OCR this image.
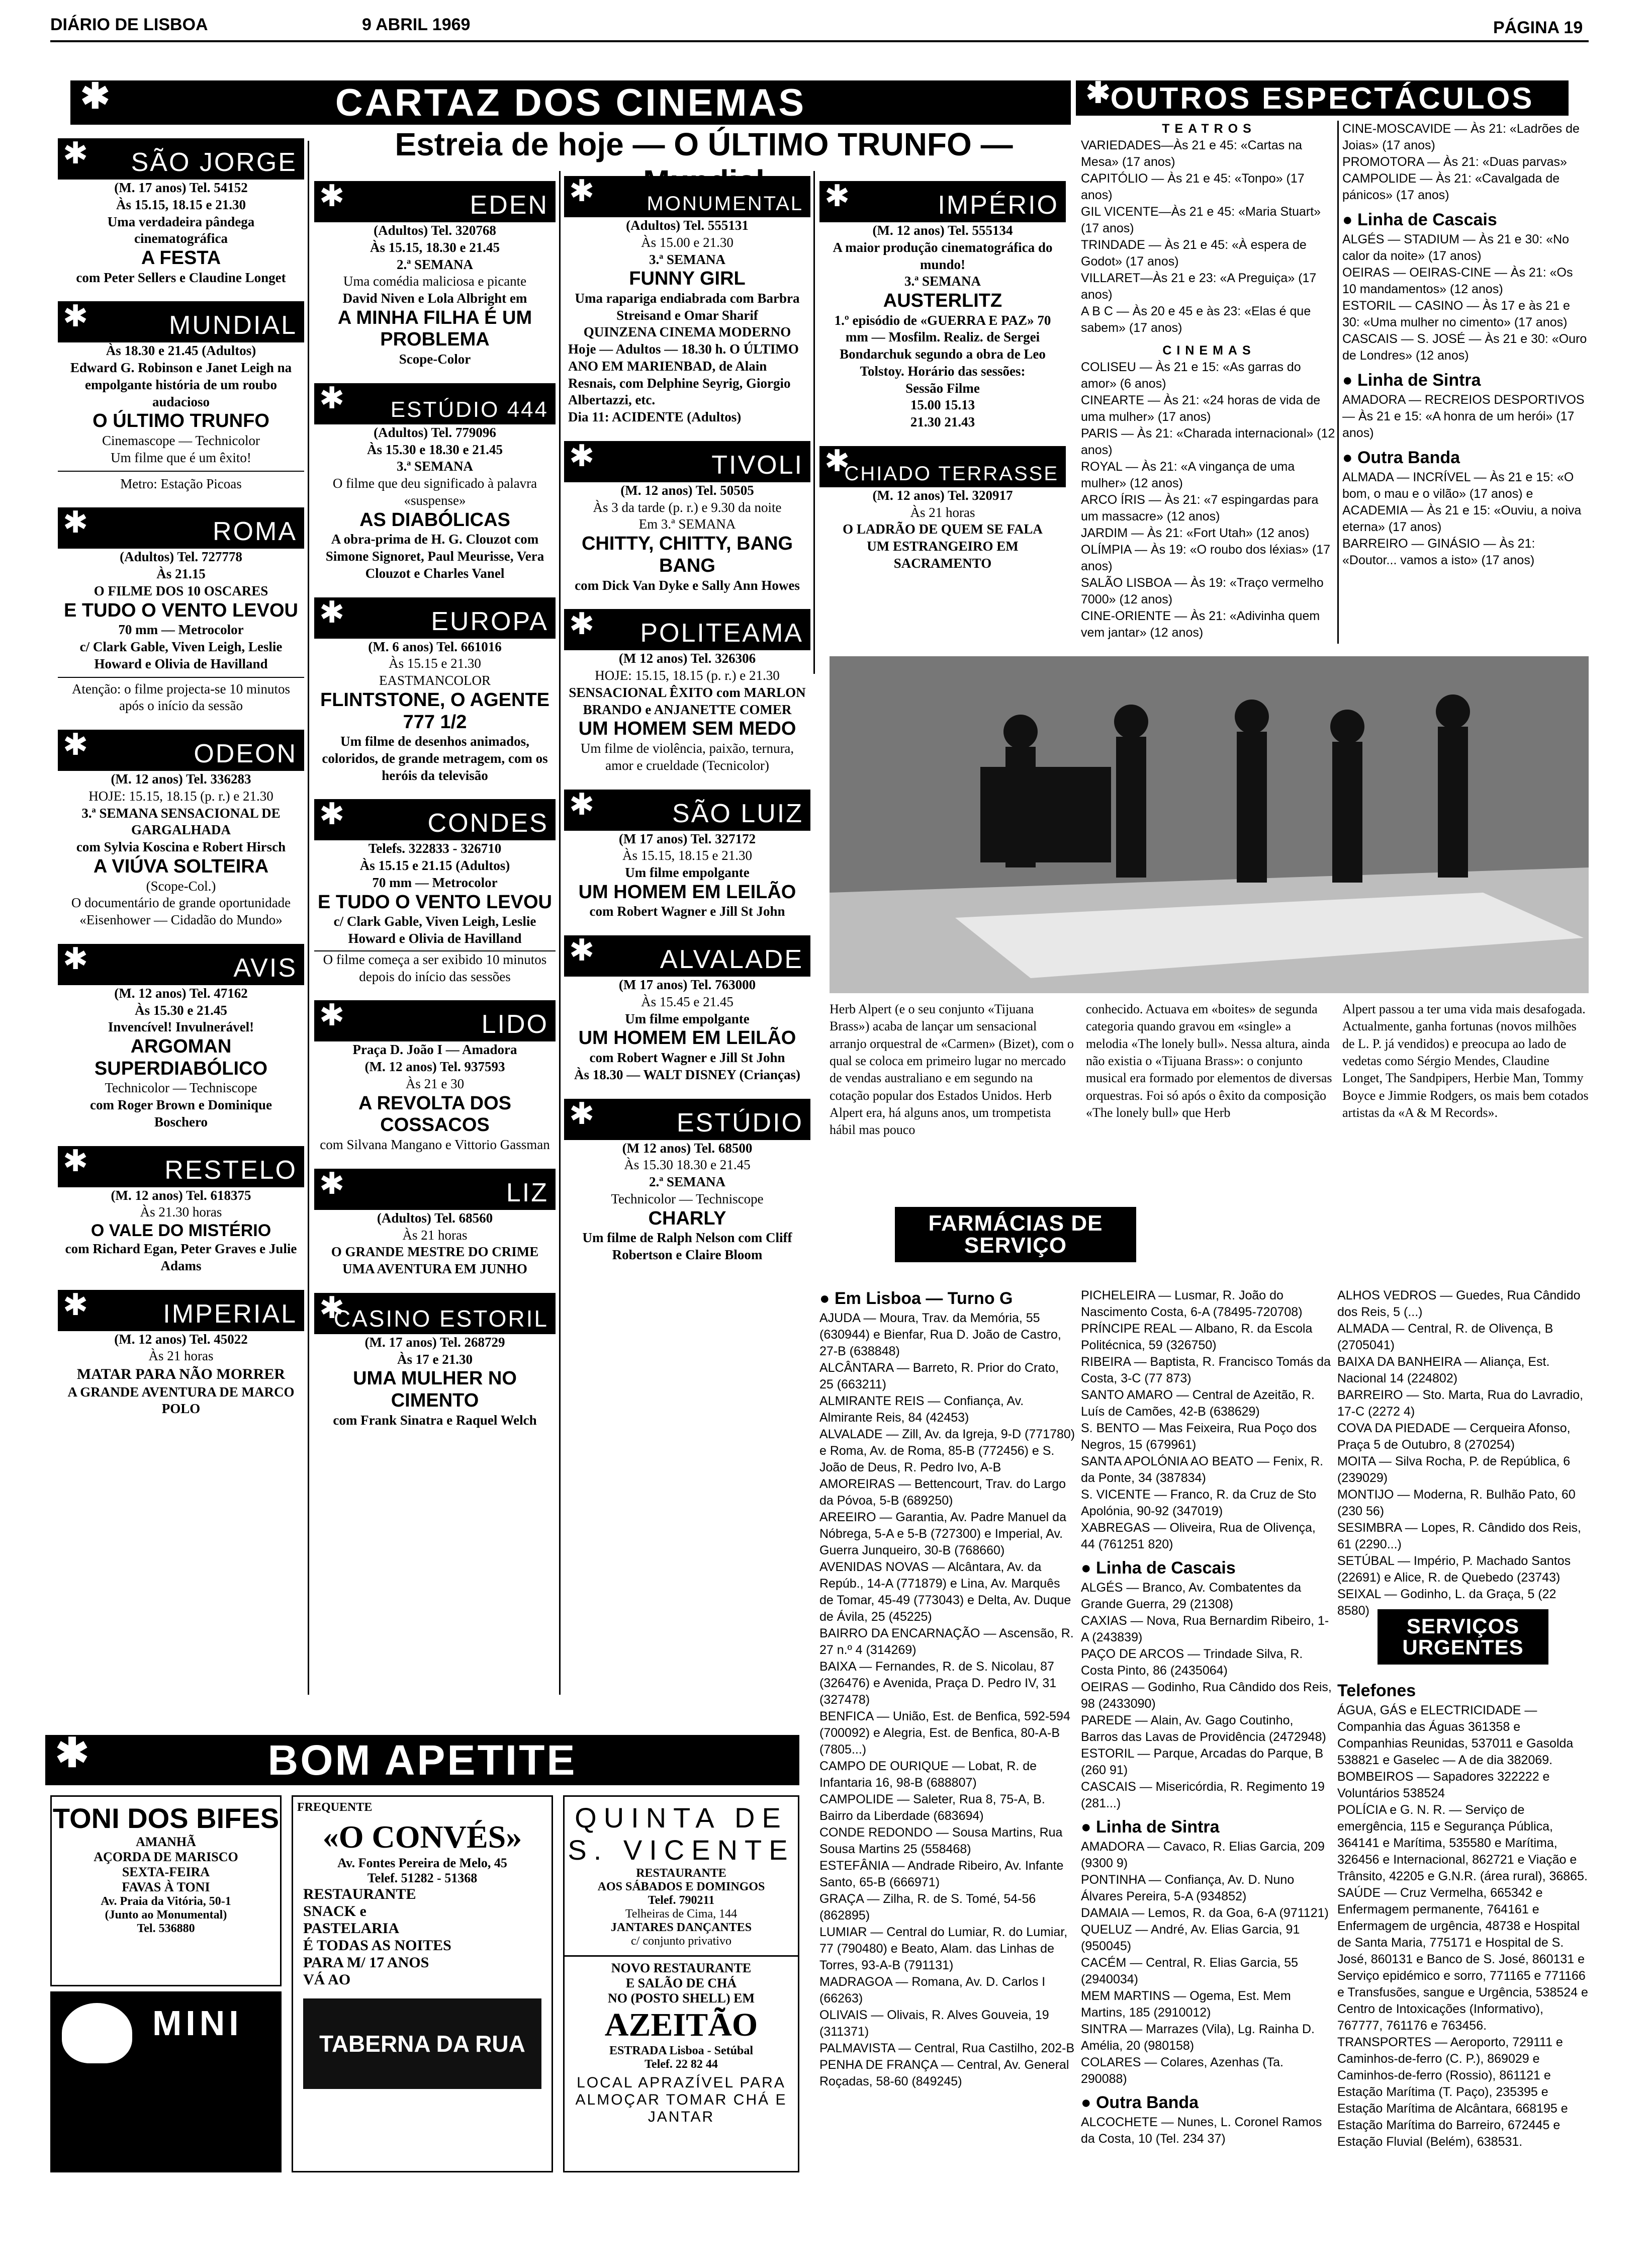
DIÁRIO DE LISBOA	9 ABRIL 1969	PÁGINA 19
✱	CARTAZ DOS CINEMAS	✱
OUTROS ESPECTÁCULOS
Estreia de hoje — O ÚLTIMO TRUNFO —
✱ SÃO JORGE
(M. 17 anos) Tel. 54152
Às 15.15, 18.15 e 21.30
Uma verdadeira pândega cinematográfica
A FESTA
com Peter Sellers e Claudine Longet
✱	MUNDIAL
Às 18.30 e 21.45 (Adultos)
Edward G. Robinson e Janet Leigh na empolgante história de um roubo audacioso
O ÚLTIMO TRUNFO
Cinemascope — Technicolor
Um filme que é um êxito!
Metro: Estação Picoas
✱	ROMA
(Adultos) Tel. 727778
Às 21.15
O FILME DOS 10 OSCARES
E TUDO O VENTO LEVOU
70 mm — Metrocolor
c/ Clark Gable, Viven Leigh, Leslie Howard e Olivia de Havilland
Atenção: o filme projecta-se 10 minutos após o início da sessão
✱	ODEON
(M. 12 anos) Tel. 336283
HOJE: 15.15, 18.15 (p. r.) e 21.30
3.ª SEMANA SENSACIONAL DE GARGALHADA
com Sylvia Koscina e Robert Hirsch
A VIÚVA SOLTEIRA
(Scope-Col.)
O documentário de grande oportunidade «Eisenhower — Cidadão do Mundo»
✱	AVIS
(M. 12 anos) Tel. 47162
Às 15.30 e 21.45
Invencível! Invulnerável!
ARGOMAN SUPERDIABÓLICO
Technicolor — Techniscope
com Roger Brown e Dominique Boschero
✱	RESTELO
(M. 12 anos) Tel. 618375
Às 21.30 horas
O VALE DO MISTÉRIO
com Richard Egan, Peter Graves e Julie Adams
✱	IMPERIAL
(M. 12 anos) Tel. 45022
Às 21 horas
MATAR PARA NÃO MORRER
A GRANDE AVENTURA DE MARCO POLO
✱	EDEN
(Adultos) Tel. 320768
Às 15.15, 18.30 e 21.45
2.ª SEMANA
Uma comédia maliciosa e picante
David Niven e Lola Albright em
A MINHA FILHA É UM PROBLEMA
Scope-Color
✱ ESTÚDIO 444
(Adultos) Tel. 779096
Às 15.30 e 18.30 e 21.45
3.ª SEMANA
O filme que deu significado à palavra «suspense»
AS DIABÓLICAS
A obra-prima de H. G. Clouzot com Simone Signoret, Paul Meurisse, Vera Clouzot e Charles Vanel
✱	EUROPA
(M. 6 anos) Tel. 661016
Às 15.15 e 21.30
EASTMANCOLOR
FLINTSTONE, O AGENTE 777 1/2
Um filme de desenhos animados, coloridos, de grande metragem, com os heróis da televisão
✱	CONDES
Telefs. 322833 - 326710
Às 15.15 e 21.15 (Adultos)
70 mm — Metrocolor
E TUDO O VENTO LEVOU
c/ Clark Gable, Viven Leigh, Leslie Howard e Olivia de Havilland
O filme começa a ser exibido 10 minutos depois do início das sessões
✱	LIDO
Praça D. João I — Amadora
(M. 12 anos) Tel. 937593
Às 21 e 30
A REVOLTA DOS COSSACOS
com Silvana Mangano e Vittorio Gassman
✱	LIZ
(Adultos) Tel. 68560
Às 21 horas
O GRANDE MESTRE DO CRIME
UMA AVENTURA EM JUNHO
✱
CASINO ESTORIL
(M. 17 anos) Tel. 268729
Às 17 e 21.30
UMA MULHER NO CIMENTO
com Frank Sinatra e Raquel Welch
✱	MONUMENTAL
(Adultos) Tel. 555131
Às 15.00 e 21.30
3.ª SEMANA
FUNNY GIRL
Uma rapariga endiabrada com Barbra Streisand e Omar Sharif
QUINZENA CINEMA MODERNO
Hoje — Adultos — 18.30 h. O ÚLTIMO ANO EM MARIENBAD, de Alain Resnais, com Delphine Seyrig, Giorgio Albertazzi, etc.
Dia 11: ACIDENTE (Adultos)
✱	TIVOLI
(M. 12 anos) Tel. 50505
Às 3 da tarde (p. r.) e 9.30 da noite
Em 3.ª SEMANA
CHITTY, CHITTY, BANG BANG
com Dick Van Dyke e Sally Ann Howes
✱ POLITEAMA
(M 12 anos) Tel. 326306
HOJE: 15.15, 18.15 (p. r.) e 21.30
SENSACIONAL ÊXITO com MARLON BRANDO e ANJANETTE COMER
UM HOMEM SEM MEDO
Um filme de violência, paixão, ternura, amor e crueldade (Tecnicolor)
✱	SÃO LUIZ
(M 17 anos) Tel. 327172
Às 15.15, 18.15 e 21.30
Um filme empolgante
UM HOMEM EM LEILÃO
com Robert Wagner e Jill St John
✱ ALVALADE
(M 17 anos) Tel. 763000
Às 15.45 e 21.45
Um filme empolgante
UM HOMEM EM LEILÃO
com Robert Wagner e Jill St John
Às 18.30 — WALT DISNEY (Crianças)
✱	ESTÚDIO
(M 12 anos) Tel. 68500
Às 15.30 18.30 e 21.45
2.ª SEMANA
Technicolor — Techniscope
CHARLY
Um filme de Ralph Nelson com Cliff Robertson e Claire Bloom
✱	IMPÉRIO
(M. 12 anos) Tel. 555134
A maior produção cinematográfica do mundo!
3.ª SEMANA
AUSTERLITZ
1.º episódio de «GUERRA E PAZ» 70 mm — Mosfilm. Realiz. de Sergei Bondarchuk segundo a obra de Leo Tolstoy. Horário das sessões:
Sessão Filme
15.00 15.13
21.30 21.43
✱
CHIADO TERRASSE
(M. 12 anos) Tel. 320917
Às 21 horas
O LADRÃO DE QUEM SE FALA
UM ESTRANGEIRO EM SACRAMENTO
TEATROS
VARIEDADES—Às 21 e 45: «Cartas na Mesa» (17 anos)
CAPITÓLIO — Às 21 e 45: «Tonpo» (17 anos)
GIL VICENTE—Às 21 e 45: «Maria Stuart» (17 anos)
TRINDADE — Às 21 e 45: «À espera de Godot» (17 anos)
VILLARET—Às 21 e 23: «A Preguiça» (17 anos)
A B C — Às 20 e 45 e às 23: «Elas é que sabem» (17 anos)
CINEMAS
COLISEU — Às 21 e 15: «As garras do amor» (6 anos)
CINEARTE — Às 21: «24 horas de vida de uma mulher» (17 anos)
PARIS — Às 21: «Charada internacional» (12 anos)
ROYAL — Às 21: «A vingança de uma mulher» (12 anos)
ARCO ÍRIS — Às 21: «7 espingardas para um massacre» (12 anos)
JARDIM — Às 21: «Fort Utah» (12 anos)
OLÍMPIA — Às 19: «O roubo dos léxias» (17 anos)
SALÃO LISBOA — Às 19: «Traço vermelho 7000» (12 anos)
CINE-ORIENTE — Às 21: «Adivinha quem vem jantar» (12 anos)
CINE-MOSCAVIDE — Às 21: «Ladrões de Joias» (17 anos)
PROMOTORA — Às 21: «Duas parvas»
CAMPOLIDE — Às 21: «Cavalgada de pánicos» (17 anos)
● Linha de Cascais
ALGÉS — STADIUM — Às 21 e 30: «No calor da noite» (17 anos)
OEIRAS — OEIRAS-CINE — Às 21: «Os 10 mandamentos» (12 anos)
ESTORIL — CASINO — Às 17 e às 21 e 30: «Uma mulher no cimento» (17 anos)
CASCAIS — S. JOSÉ — Às 21 e 30: «Ouro de Londres» (12 anos)
● Linha de Sintra
AMADORA — RECREIOS DESPORTIVOS — Às 21 e 15: «A honra de um herói» (17 anos)
● Outra Banda
ALMADA — INCRÍVEL — Às 21 e 15: «O bom, o mau e o vilão» (17 anos) e ACADEMIA — Às 21 e 15: «Ouviu, a noiva eterna» (17 anos)
BARREIRO — GINÁSIO — Às 21: «Doutor... vamos a isto» (17 anos)
Herb Alpert (e o seu conjunto «Tijuana Brass») acaba de lançar um sensacional arranjo orquestral de «Carmen» (Bizet), com o qual se coloca em primeiro lugar no mercado de vendas australiano e em segundo na cotação popular dos Estados Unidos. Herb Alpert era, há alguns anos, um trompetista hábil mas pouco
conhecido. Actuava em «boites» de segunda categoria quando gravou em «single» a melodia «The lonely bull». Nessa altura, ainda não existia o «Tijuana Brass»: o conjunto musical era formado por elementos de diversas orquestras. Foi só após o êxito da composição «The lonely bull» que Herb
Alpert passou a ter uma vida mais desafogada. Actualmente, ganha fortunas (novos milhões de L. P. já vendidos) e preocupa ao lado de vedetas como Sérgio Mendes, Claudine Longet, The Sandpipers, Herbie Man, Tommy Boyce e Jimmie Rodgers, os mais bem cotados artistas da «A & M Records».
FARMÁCIAS DE SERVIÇO
● Em Lisboa — Turno G
AJUDA — Moura, Trav. da Memória, 55 (630944) e Bienfar, Rua D. João de Castro, 27-B (638848)
ALCÂNTARA — Barreto, R. Prior do Crato, 25 (663211)
ALMIRANTE REIS — Confiança, Av. Almirante Reis, 84 (42453)
ALVALADE — Zill, Av. da Igreja, 9-D (771780) e Roma, Av. de Roma, 85-B (772456) e S. João de Deus, R. Pedro Ivo, A-B
AMOREIRAS — Bettencourt, Trav. do Largo da Póvoa, 5-B (689250)
AREEIRO — Garantia, Av. Padre Manuel da Nóbrega, 5-A e 5-B (727300) e Imperial, Av. Guerra Junqueiro, 30-B (768660)
AVENIDAS NOVAS — Alcântara, Av. da Repúb., 14-A (771879) e Lina, Av. Marquês de Tomar, 45-49 (773043) e Delta, Av. Duque de Ávila, 25 (45225)
BAIRRO DA ENCARNAÇÃO — Ascensão, R. 27 n.º 4 (314269)
BAIXA — Fernandes, R. de S. Nicolau, 87 (326476) e Avenida, Praça D. Pedro IV, 31 (327478)
BENFICA — União, Est. de Benfica, 592-594 (700092) e Alegria, Est. de Benfica, 80-A-B (7805...)
CAMPO DE OURIQUE — Lobat, R. de Infantaria 16, 98-B (688807)
CAMPOLIDE — Saleter, Rua 8, 75-A, B. Bairro da Liberdade (683694)
CONDE REDONDO — Sousa Martins, Rua Sousa Martins 25 (558468)
ESTEFÂNIA — Andrade Ribeiro, Av. Infante Santo, 65-B (666971)
GRAÇA — Zilha, R. de S. Tomé, 54-56 (862895)
LUMIAR — Central do Lumiar, R. do Lumiar, 77 (790480) e Beato, Alam. das Linhas de Torres, 93-A-B (791131)
MADRAGOA — Romana, Av. D. Carlos I (66263)
OLIVAIS — Olivais, R. Alves Gouveia, 19 (311371)
PALMAVISTA — Central, Rua Castilho, 202-B
PENHA DE FRANÇA — Central, Av. General Roçadas, 58-60 (849245)
PICHELEIRA — Lusmar, R. João do Nascimento Costa, 6-A (78495-720708)
PRÍNCIPE REAL — Albano, R. da Escola Politécnica, 59 (326750)
RIBEIRA — Baptista, R. Francisco Tomás da Costa, 3-C (77 873)
SANTO AMARO — Central de Azeitão, R. Luís de Camões, 42-B (638629)
S. BENTO — Mas Feixeira, Rua Poço dos Negros, 15 (679961)
SANTA APOLÓNIA AO BEATO — Fenix, R. da Ponte, 34 (387834)
S. VICENTE — Franco, R. da Cruz de Sto Apolónia, 90-92 (347019)
XABREGAS — Oliveira, Rua de Olivença, 44 (761251 820)
● Linha de Cascais
ALGÉS — Branco, Av. Combatentes da Grande Guerra, 29 (21308)
CAXIAS — Nova, Rua Bernardim Ribeiro, 1-A (243839)
PAÇO DE ARCOS — Trindade Silva, R. Costa Pinto, 86 (2435064)
OEIRAS — Godinho, Rua Cândido dos Reis, 98 (2433090)
PAREDE — Alain, Av. Gago Coutinho, Barros das Lavas de Providência (2472948)
ESTORIL — Parque, Arcadas do Parque, B (260 91)
CASCAIS — Misericórdia, R. Regimento 19 (281...)
● Linha de Sintra
AMADORA — Cavaco, R. Elias Garcia, 209 (9300 9)
PONTINHA — Confiança, Av. D. Nuno Álvares Pereira, 5-A (934852)
DAMAIA — Lemos, R. da Goa, 6-A (971121)
QUELUZ — André, Av. Elias Garcia, 91 (950045)
CACÉM — Central, R. Elias Garcia, 55 (2940034)
MEM MARTINS — Ogema, Est. Mem Martins, 185 (2910012)
SINTRA — Marrazes (Vila), Lg. Rainha D. Amélia, 20 (980158)
COLARES — Colares, Azenhas (Ta. 290088)
● Outra Banda
ALCOCHETE — Nunes, L. Coronel Ramos da Costa, 10 (Tel. 234 37)
ALHOS VEDROS — Guedes, Rua Cândido dos Reis, 5 (...)
ALMADA — Central, R. de Olivença, B (2705041)
BAIXA DA BANHEIRA — Aliança, Est. Nacional 14 (224802)
BARREIRO — Sto. Marta, Rua do Lavradio, 17-C (2272 4)
COVA DA PIEDADE — Cerqueira Afonso, Praça 5 de Outubro, 8 (270254)
MOITA — Silva Rocha, P. de República, 6 (239029)
MONTIJO — Moderna, R. Bulhão Pato, 60 (230 56)
SESIMBRA — Lopes, R. Cândido dos Reis, 61 (2290...)
SETÚBAL — Império, P. Machado Santos (22691) e Alice, R. de Quebedo (23743)
SEIXAL — Godinho, L. da Graça, 5 (22 8580)
SERVIÇOS URGENTES
Telefones
ÁGUA, GÁS e ELECTRICIDADE — Companhia das Águas 361358 e Companhias Reunidas, 537011 e Gasolda 538821 e Gaselec — A de dia 382069.
BOMBEIROS — Sapadores 322222 e Voluntários 538524
POLÍCIA e G. N. R. — Serviço de emergência, 115 e Segurança Pública, 364141 e Marítima, 535580 e Marítima, 326456 e Internacional, 862721 e Viação e Trânsito, 42205 e G.N.R. (área rural), 36865.
SAÚDE — Cruz Vermelha, 665342 e Enfermagem permanente, 764161 e Enfermagem de urgência, 48738 e Hospital de Santa Maria, 775171 e Hospital de S. José, 860131 e Banco de S. José, 860131 e Serviço epidémico e sorro, 771165 e 771166 e Transfusões, sangue e Urgência, 538524 e Centro de Intoxicações (Informativo), 767777, 761176 e 763456.
TRANSPORTES — Aeroporto, 729111 e Caminhos-de-ferro (C. P.), 869029 e Caminhos-de-ferro (Rossio), 861121 e Estação Marítima (T. Paço), 235395 e Estação Marítima de Alcântara, 668195 e Estação Marítima do Barreiro, 672445 e Estação Fluvial (Belém), 638531.
✱	BOM APETITE
TONI DOS BIFES
AMANHÃ
AÇORDA DE MARISCO
SEXTA-FEIRA
FAVAS À TONI
Av. Praia da Vitória, 50-1
(Junto ao Monumental)
Tel. 536880
MINI
FREQUENTE
«O CONVÉS»
Av. Fontes Pereira de Melo, 45
Telef. 51282 - 51368
RESTAURANTE
SNACK e
PASTELARIA
É TODAS AS NOITES
PARA M/ 17 ANOS
VÁ AO
TABERNA DA RUA
QUINTA DE S. VICENTE
RESTAURANTE
AOS SÁBADOS E DOMINGOS
Telef. 790211
Telheiras de Cima, 144
JANTARES DANÇANTES
c/ conjunto privativo
NOVO RESTAURANTE
E SALÃO DE CHÁ
NO (POSTO SHELL) EM
AZEITÃO
ESTRADA Lisboa - Setúbal
Telef. 22 82 44
LOCAL APRAZÍVEL PARA ALMOÇAR TOMAR CHÁ E JANTAR
